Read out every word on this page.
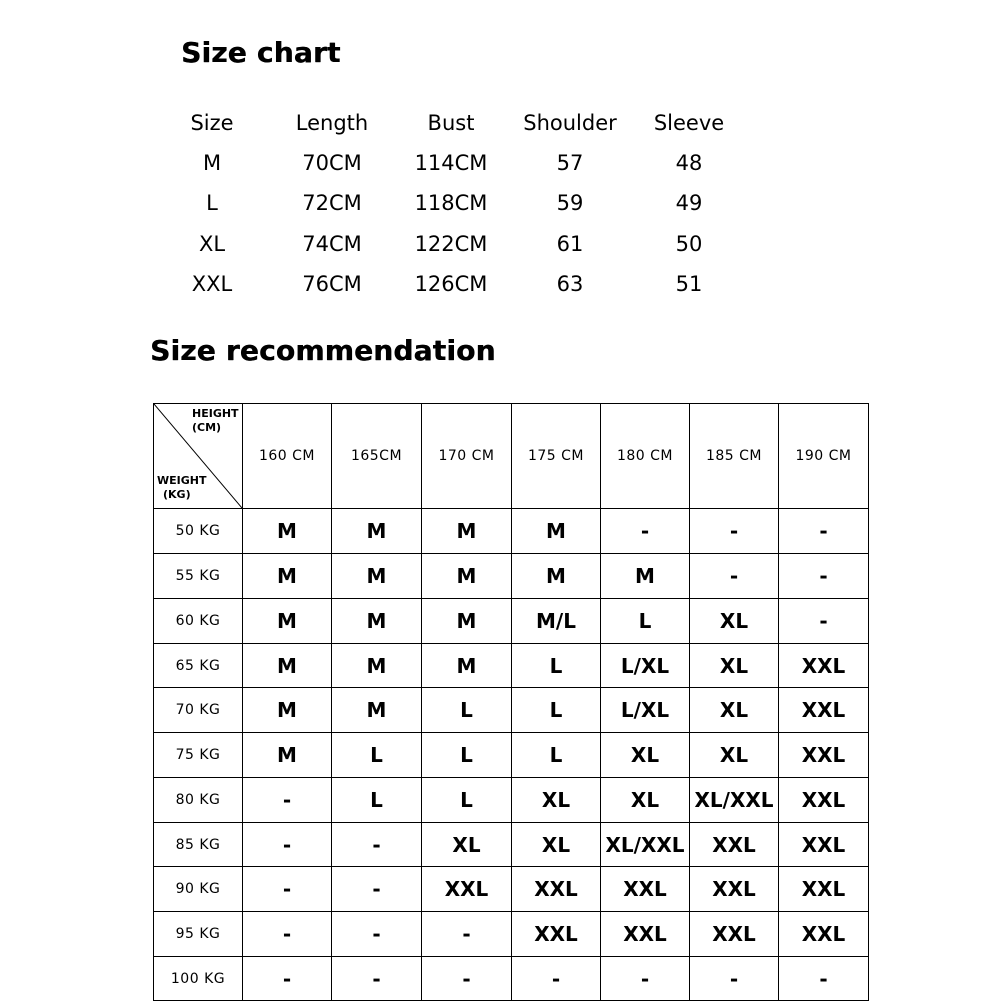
Size chart
Size	Length	Bust	Shoulder	Sleeve
M	70CM	114CM	57	48
L	72CM	118CM	59	49
XL	74CM	122CM	61	50
XXL	76CM	126CM	63	51
Size recommendation
HEIGHT
(CM)
WEIGHT
(KG)	160 CM	165CM	170 CM	175 CM	180 CM	185 CM	190 CM
50 KG	M	M	M	M	-	-	-
55 KG	M	M	M	M	M	-	-
60 KG	M	M	M	M/L	L	XL	-
65 KG	M	M	M	L	L/XL	XL	XXL
70 KG	M	M	L	L	L/XL	XL	XXL
75 KG	M	L	L	L	XL	XL	XXL
80 KG	-	L	L	XL	XL	XL/XXL	XXL
85 KG	-	-	XL	XL	XL/XXL	XXL	XXL
90 KG	-	-	XXL	XXL	XXL	XXL	XXL
95 KG	-	-	-	XXL	XXL	XXL	XXL
100 KG	-	-	-	-	-	-	-
